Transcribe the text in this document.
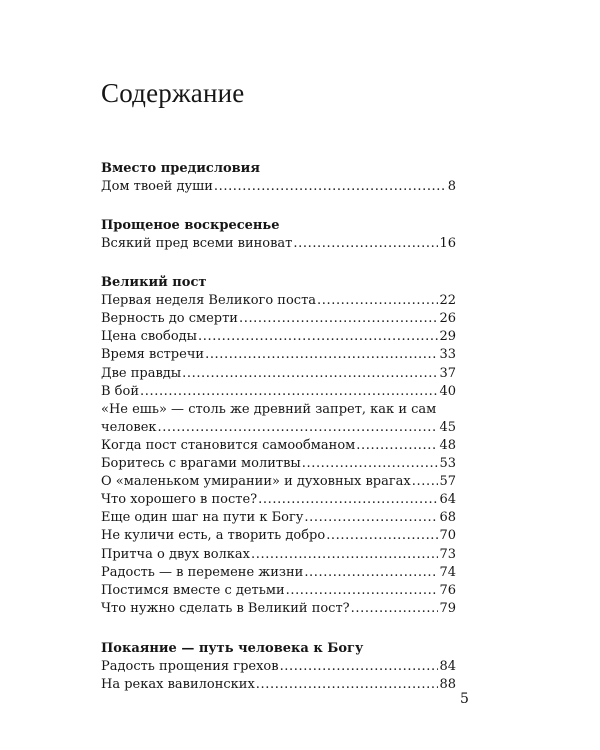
Содержание
Вместо предисловия
Дом твоей души .....	8
Прощеное воскресенье
Всякий пред всеми виноват .....	16
Великий пост
Первая неделя Великого поста .....	22
Верность до смерти .....	26
Цена свободы .....	29
Время встречи .....	33
Две правды .....	37
В бой .....	40
«Не ешь» — столь же древний запрет, как и сам
человек .....	45
Когда пост становится самообманом .....	48
Боритесь с врагами молитвы .....	53
О «маленьком умирании» и духовных врагах ..... 57
Что хорошего в посте? .....	64
Еще один шаг на пути к Богу .....	68
Не куличи есть, а творить добро .....	70
Притча о двух волках .....	73
Радость — в перемене жизни .....	74
Постимся вместе с детьми .....	76
Что нужно сделать в Великий пост? .....	79
Покаяние — путь человека к Богу
Радость прощения грехов .....	84
На реках вавилонских .....	88
5
